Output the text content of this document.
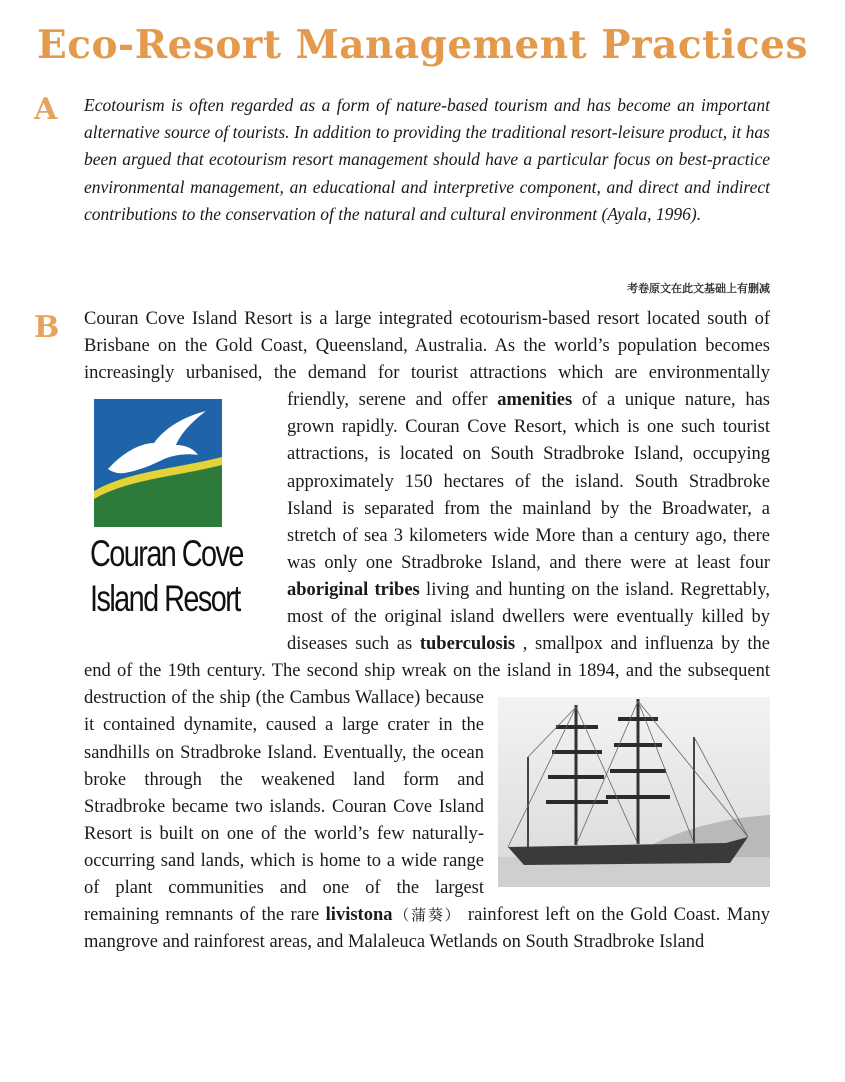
Eco-Resort Management Practices
A Ecotourism is often regarded as a form of nature-based tourism and has become an important alternative source of tourists. In addition to providing the traditional resort-leisure product, it has been argued that ecotourism resort management should have a particular focus on best-practice environmental management, an educational and interpretive component, and direct and indirect contributions to the conservation of the natural and cultural environment (Ayala, 1996).
考卷原文在此文基础上有删减
B Couran Cove Island Resort is a large integrated ecotourism-based resort located south of Brisbane on the Gold Coast, Queensland, Australia. As the world’s population becomes increasingly urbanised, the demand for tourist attractions which are environmentally friendly, serene and offer
Couran Cove
Island Resort
amenities of a unique nature, has grown rapidly. Couran Cove Resort, which is one such tourist attractions, is located on South Stradbroke Island, occupying approximately 150 hectares of the island. South Stradbroke Island is separated from the mainland by the Broadwater, a stretch of sea 3 kilometers wide More than a century ago, there was only one Stradbroke Island, and there were at least four aboriginal tribes living and hunting on the island. Regrettably, most of the original island dwellers were eventually killed by diseases such as tuberculosis , smallpox and influenza by the end of the 19th century. The second ship wreak on the island in 1894, and the
subsequent destruction of the ship (the Cambus Wallace) because it contained dynamite, caused a large crater in the sandhills on Stradbroke Island. Eventually, the ocean broke through the weakened land form and Stradbroke became two islands. Couran Cove Island Resort is built on one of the world’s few naturally-occurring sand lands, which is home to a wide range of plant communities and one of the largest remaining remnants of the rare livistona（蒲葵） rainforest left on the Gold Coast. Many mangrove and rainforest areas, and Malaleuca Wetlands on South Stradbroke Island
